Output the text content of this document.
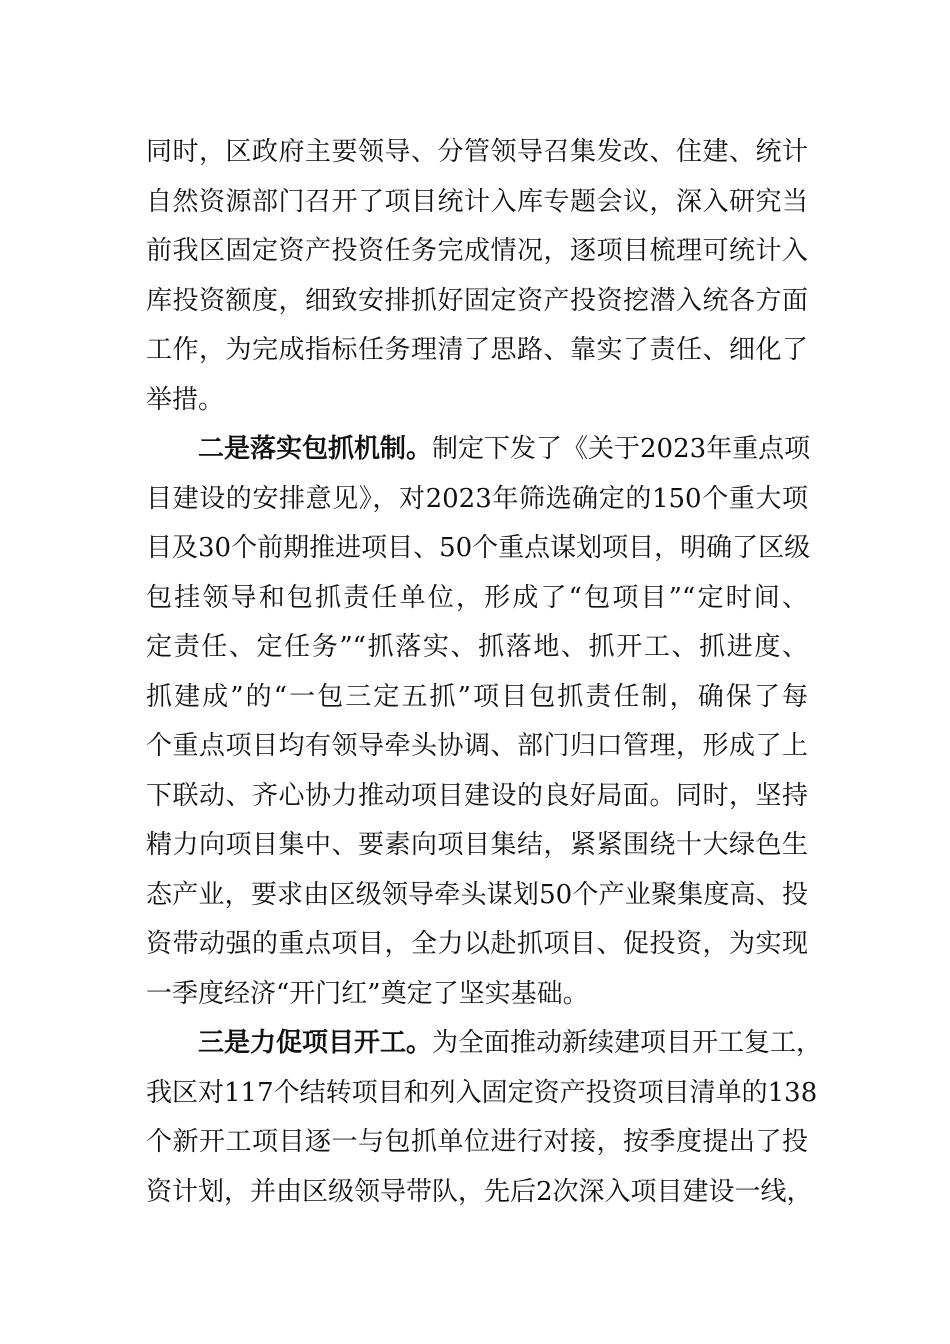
同时，区政府主要领导、分管领导召集发改、住建、统计
自然资源部门召开了项目统计入库专题会议，深入研究当
前我区固定资产投资任务完成情况，逐项目梳理可统计入
库投资额度，细致安排抓好固定资产投资挖潜入统各方面
工作，为完成指标任务理清了思路、靠实了责任、细化了
举措。
二是落实包抓机制。制定下发了《关于2023年重点项
目建设的安排意见》，对2023年筛选确定的150个重大项
目及30个前期推进项目、50个重点谋划项目，明确了区级
包挂领导和包抓责任单位，形成了“包项目”“定时间、
定责任、定任务”“抓落实、抓落地、抓开工、抓进度、
抓建成”的“一包三定五抓”项目包抓责任制，确保了每
个重点项目均有领导牵头协调、部门归口管理，形成了上
下联动、齐心协力推动项目建设的良好局面。同时，坚持
精力向项目集中、要素向项目集结，紧紧围绕十大绿色生
态产业，要求由区级领导牵头谋划50个产业聚集度高、投
资带动强的重点项目，全力以赴抓项目、促投资，为实现
一季度经济“开门红”奠定了坚实基础。
三是力促项目开工。为全面推动新续建项目开工复工，
我区对117个结转项目和列入固定资产投资项目清单的138
个新开工项目逐一与包抓单位进行对接，按季度提出了投
资计划，并由区级领导带队，先后2次深入项目建设一线，
